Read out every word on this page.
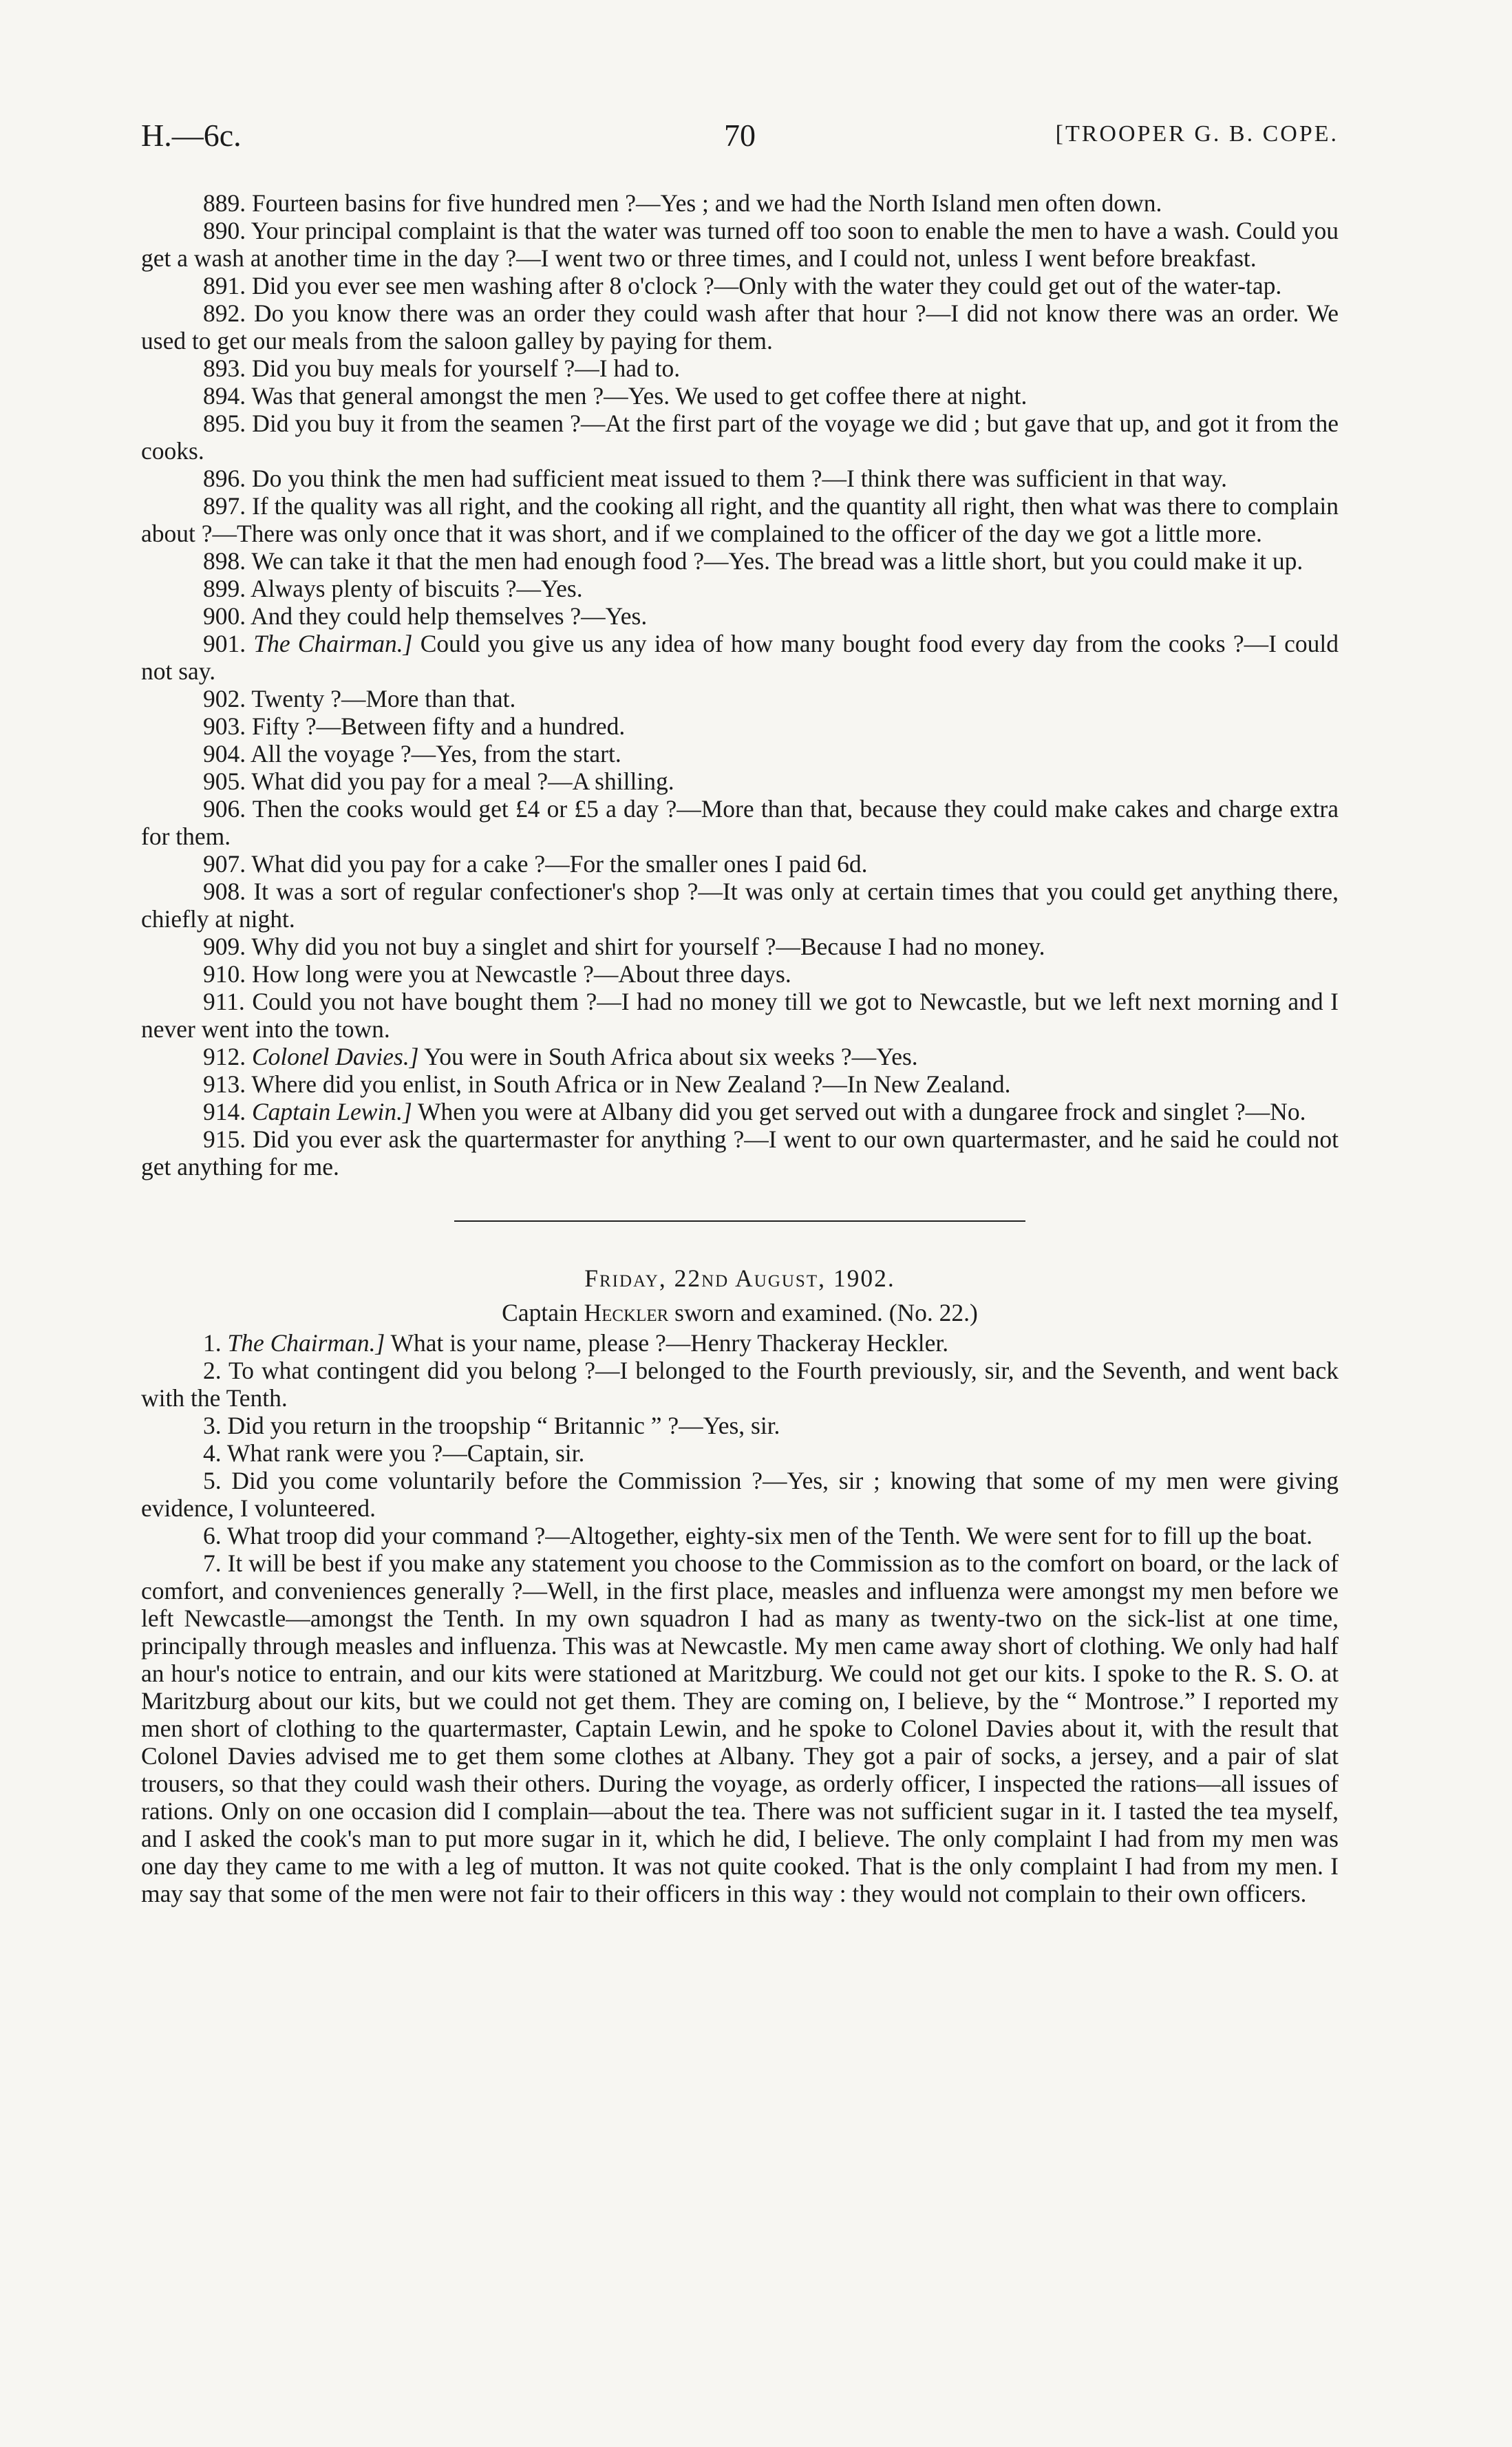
H.—6c.	70	[TROOPER G. B. COPE.

889. Fourteen basins for five hundred men ?—Yes ; and we had the North Island men often down.

890. Your principal complaint is that the water was turned off too soon to enable the men to have a wash. Could you get a wash at another time in the day ?—I went two or three times, and I could not, unless I went before breakfast.

891. Did you ever see men washing after 8 o'clock ?—Only with the water they could get out of the water-tap.

892. Do you know there was an order they could wash after that hour ?—I did not know there was an order. We used to get our meals from the saloon galley by paying for them.

893. Did you buy meals for yourself ?—I had to.

894. Was that general amongst the men ?—Yes. We used to get coffee there at night.

895. Did you buy it from the seamen ?—At the first part of the voyage we did ; but gave that up, and got it from the cooks.

896. Do you think the men had sufficient meat issued to them ?—I think there was sufficient in that way.

897. If the quality was all right, and the cooking all right, and the quantity all right, then what was there to complain about ?—There was only once that it was short, and if we complained to the officer of the day we got a little more.

898. We can take it that the men had enough food ?—Yes. The bread was a little short, but you could make it up.

899. Always plenty of biscuits ?—Yes.

900. And they could help themselves ?—Yes.

901. The Chairman.] Could you give us any idea of how many bought food every day from the cooks ?—I could not say.

902. Twenty ?—More than that.

903. Fifty ?—Between fifty and a hundred.

904. All the voyage ?—Yes, from the start.

905. What did you pay for a meal ?—A shilling.

906. Then the cooks would get £4 or £5 a day ?—More than that, because they could make cakes and charge extra for them.

907. What did you pay for a cake ?—For the smaller ones I paid 6d.

908. It was a sort of regular confectioner's shop ?—It was only at certain times that you could get anything there, chiefly at night.

909. Why did you not buy a singlet and shirt for yourself ?—Because I had no money.

910. How long were you at Newcastle ?—About three days.

911. Could you not have bought them ?—I had no money till we got to Newcastle, but we left next morning and I never went into the town.

912. Colonel Davies.] You were in South Africa about six weeks ?—Yes.

913. Where did you enlist, in South Africa or in New Zealand ?—In New Zealand.

914. Captain Lewin.] When you were at Albany did you get served out with a dungaree frock and singlet ?—No.

915. Did you ever ask the quartermaster for anything ?—I went to our own quartermaster, and he said he could not get anything for me.

Friday, 22nd August, 1902.

Captain Heckler sworn and examined. (No. 22.)

1. The Chairman.] What is your name, please ?—Henry Thackeray Heckler.

2. To what contingent did you belong ?—I belonged to the Fourth previously, sir, and the Seventh, and went back with the Tenth.

3. Did you return in the troopship “ Britannic ” ?—Yes, sir.

4. What rank were you ?—Captain, sir.

5. Did you come voluntarily before the Commission ?—Yes, sir ; knowing that some of my men were giving evidence, I volunteered.

6. What troop did your command ?—Altogether, eighty-six men of the Tenth. We were sent for to fill up the boat.

7. It will be best if you make any statement you choose to the Commission as to the comfort on board, or the lack of comfort, and conveniences generally ?—Well, in the first place, measles and influenza were amongst my men before we left Newcastle—amongst the Tenth. In my own squadron I had as many as twenty-two on the sick-list at one time, principally through measles and influenza. This was at Newcastle. My men came away short of clothing. We only had half an hour's notice to entrain, and our kits were stationed at Maritzburg. We could not get our kits. I spoke to the R. S. O. at Maritzburg about our kits, but we could not get them. They are coming on, I believe, by the “ Montrose.” I reported my men short of clothing to the quartermaster, Captain Lewin, and he spoke to Colonel Davies about it, with the result that Colonel Davies advised me to get them some clothes at Albany. They got a pair of socks, a jersey, and a pair of slat trousers, so that they could wash their others. During the voyage, as orderly officer, I inspected the rations—all issues of rations. Only on one occasion did I complain—about the tea. There was not sufficient sugar in it. I tasted the tea myself, and I asked the cook's man to put more sugar in it, which he did, I believe. The only complaint I had from my men was one day they came to me with a leg of mutton. It was not quite cooked. That is the only complaint I had from my men. I may say that some of the men were not fair to their officers in this way : they would not complain to their own officers.
